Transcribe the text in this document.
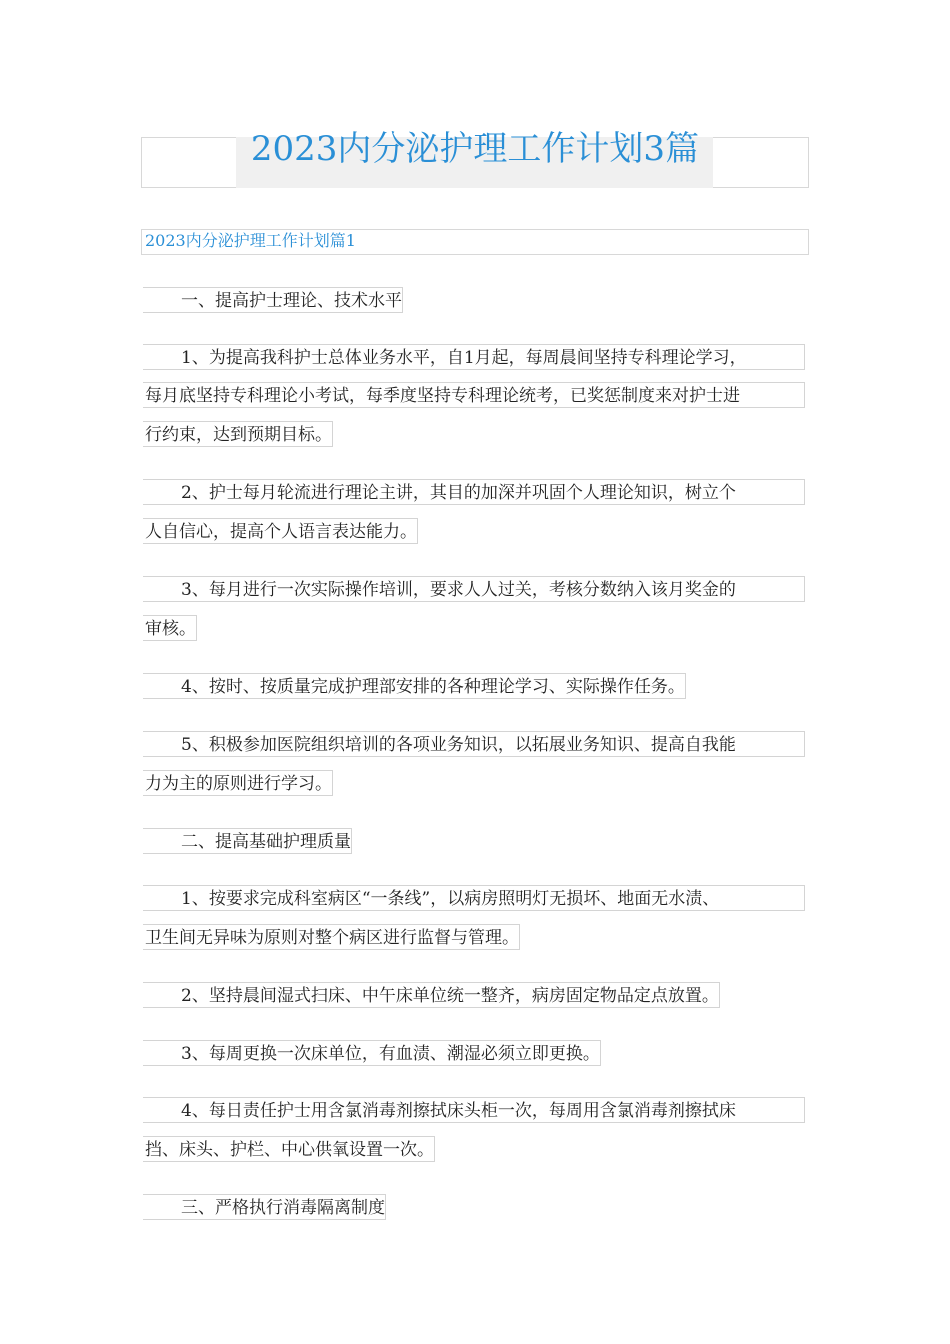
2023内分泌护理工作计划3篇
2023内分泌护理工作计划篇1
一、提高护士理论、技术水平
1、为提高我科护士总体业务水平，自1月起，每周晨间坚持专科理论学习，
每月底坚持专科理论小考试，每季度坚持专科理论统考，已奖惩制度来对护士进
行约束，达到预期目标。
2、护士每月轮流进行理论主讲，其目的加深并巩固个人理论知识，树立个
人自信心，提高个人语言表达能力。
3、每月进行一次实际操作培训，要求人人过关，考核分数纳入该月奖金的
审核。
4、按时、按质量完成护理部安排的各种理论学习、实际操作任务。
5、积极参加医院组织培训的各项业务知识，以拓展业务知识、提高自我能
力为主的原则进行学习。
二、提高基础护理质量
1、按要求完成科室病区“一条线”，以病房照明灯无损坏、地面无水渍、
卫生间无异味为原则对整个病区进行监督与管理。
2、坚持晨间湿式扫床、中午床单位统一整齐，病房固定物品定点放置。
3、每周更换一次床单位，有血渍、潮湿必须立即更换。
4、每日责任护士用含氯消毒剂擦拭床头柜一次，每周用含氯消毒剂擦拭床
挡、床头、护栏、中心供氧设置一次。
三、严格执行消毒隔离制度
